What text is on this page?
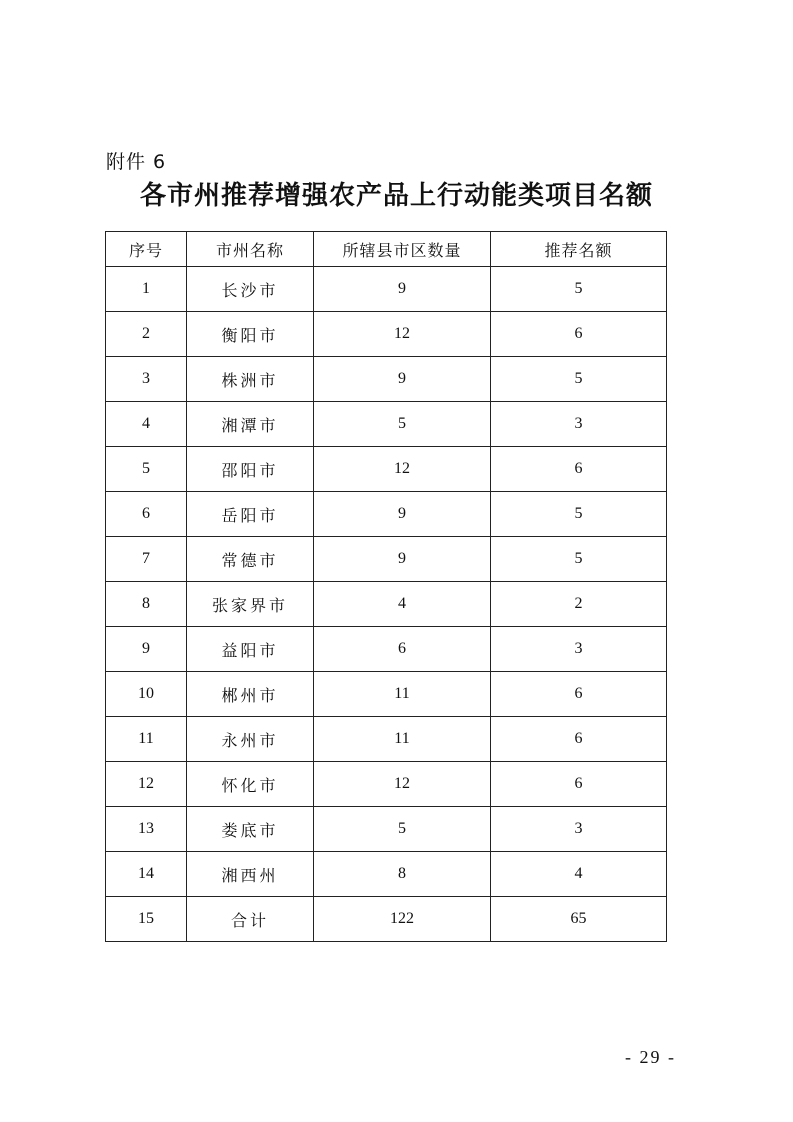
附件 6
各市州推荐增强农产品上行动能类项目名额
序号	市州名称	所辖县市区数量	推荐名额
1	长沙市	9	5
2	衡阳市	12	6
3	株洲市	9	5
4	湘潭市	5	3
5	邵阳市	12	6
6	岳阳市	9	5
7	常德市	9	5
8	张家界市	4	2
9	益阳市	6	3
10	郴州市	11	6
11	永州市	11	6
12	怀化市	12	6
13	娄底市	5	3
14	湘西州	8	4
15	合计	122	65
- 29 -
